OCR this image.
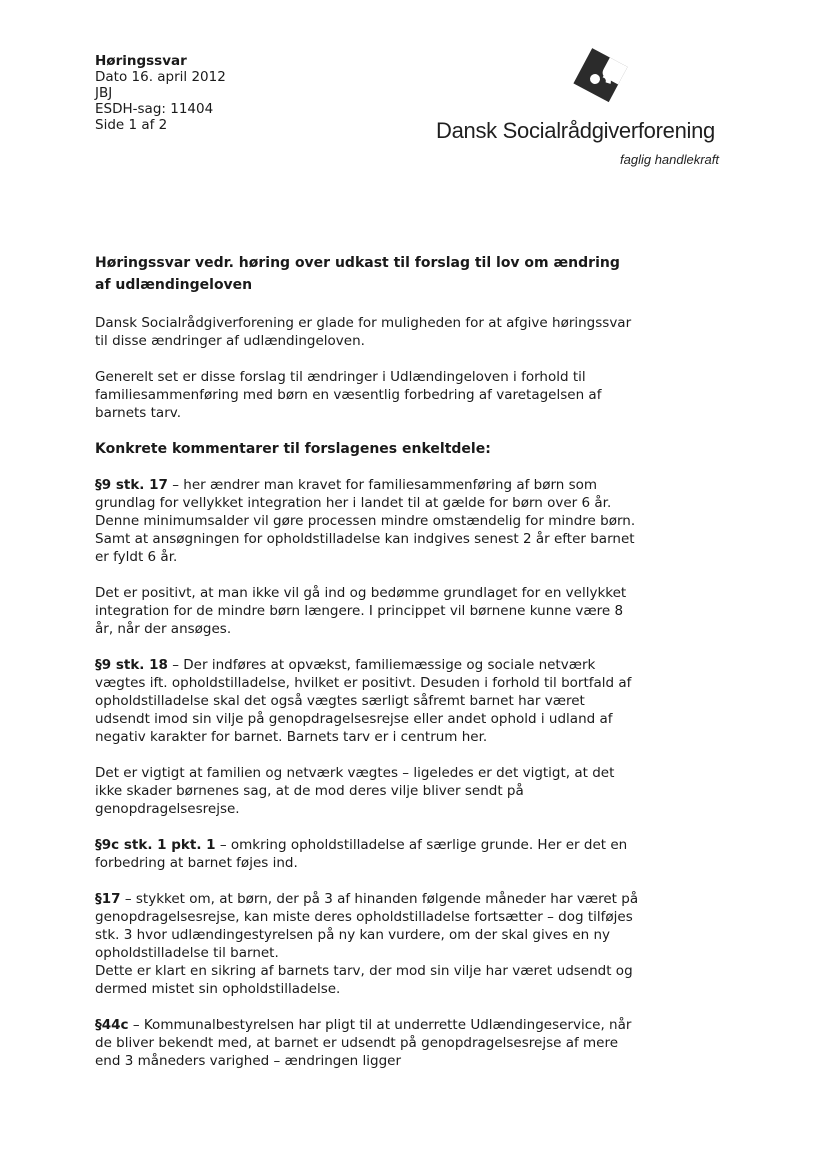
Høringssvar
Dato 16. april 2012
JBJ
ESDH-sag: 11404
Side 1 af 2	Dansk Socialrådgiverforening
faglig handlekraft
Høringssvar vedr. høring over udkast til forslag til lov om ændring af udlændingeloven

Dansk Socialrådgiverforening er glade for muligheden for at afgive høringssvar til disse ændringer af udlændingeloven.

Generelt set er disse forslag til ændringer i Udlændingeloven i forhold til familiesammenføring med børn en væsentlig forbedring af varetagelsen af barnets tarv.

Konkrete kommentarer til forslagenes enkeltdele:

§9 stk. 17 – her ændrer man kravet for familiesammenføring af børn som grundlag for vellykket integration her i landet til at gælde for børn over 6 år. Denne minimumsalder vil gøre processen mindre omstændelig for mindre børn. Samt at ansøgningen for opholdstilladelse kan indgives senest 2 år efter barnet er fyldt 6 år.

Det er positivt, at man ikke vil gå ind og bedømme grundlaget for en vellykket integration for de mindre børn længere. I princippet vil børnene kunne være 8 år, når der ansøges.

§9 stk. 18 – Der indføres at opvækst, familiemæssige og sociale netværk vægtes ift. opholdstilladelse, hvilket er positivt. Desuden i forhold til bortfald af opholdstilladelse skal det også vægtes særligt såfremt barnet har været udsendt imod sin vilje på genopdragelsesrejse eller andet ophold i udland af negativ karakter for barnet. Barnets tarv er i centrum her.

Det er vigtigt at familien og netværk vægtes – ligeledes er det vigtigt, at det ikke skader børnenes sag, at de mod deres vilje bliver sendt på genopdragelsesrejse.

§9c stk. 1 pkt. 1 – omkring opholdstilladelse af særlige grunde. Her er det en forbedring at barnet føjes ind.

§17 – stykket om, at børn, der på 3 af hinanden følgende måneder har været på genopdragelsesrejse, kan miste deres opholdstilladelse fortsætter – dog tilføjes stk. 3 hvor udlændingestyrelsen på ny kan vurdere, om der skal gives en ny opholdstilladelse til barnet.
Dette er klart en sikring af barnets tarv, der mod sin vilje har været udsendt og dermed mistet sin opholdstilladelse.

§44c – Kommunalbestyrelsen har pligt til at underrette Udlændingeservice, når de bliver bekendt med, at barnet er udsendt på genopdragelsesrejse af mere end 3 måneders varighed – ændringen ligger
